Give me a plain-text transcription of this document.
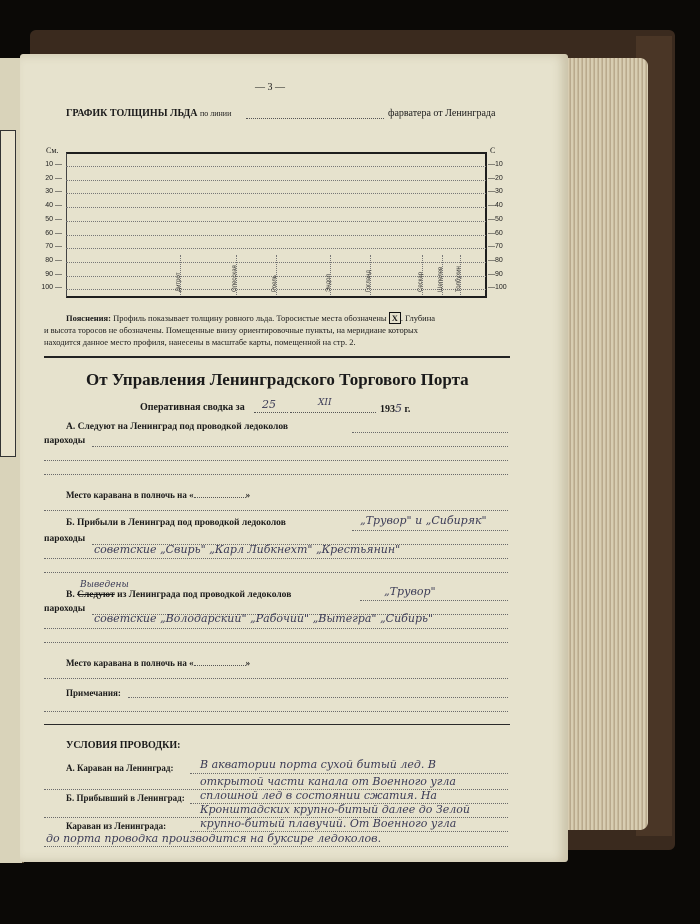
— 3 —
ГРАФИК ТОЛЩИНЫ ЛЬДА по линии	фарватера от Ленинграда
См.	С
10 —
20 —
30 —
40 —
50 —
60 —
70 —
80 —
90 —
100 —
—10
—20
—30
—40
—50
—60
—70
—80
—90
—100
Дитрот	Олесская	Роель	Эндол	Гогланд	Сескар Шепелев Толбухин
Пояснения: Профиль показывает толщину ровного льда. Торосистые места обозначены X . Глубина
и высота торосов не обозначены. Помещенные внизу ориентировочные пункты, на меридиане которых
находится данное место профиля, нанесены в масштабе карты, помещенной на стр. 2.
От Управления Ленинградского Торгового Порта
Оперативная сводка за 25	XII
1935 г.
А. Следуют на Ленинград под проводкой ледоколов
пароходы
Место каравана в полночь на «	»
Б. Прибыли в Ленинград под проводкой ледоколов	„Трувор" и „Сибиряк"
пароходы
советские „Свирь" „Карл Либкнехт" „Крестьянин"
Выведены
В. Следуют из Ленинграда под проводкой ледоколов	„Трувор"
пароходы
советские „Володарский" „Рабочий" „Вытегра" „Сибирь"
Место каравана в полночь на «	»
Примечания:
УСЛОВИЯ ПРОВОДКИ:
А. Караван на Ленинград: В акватории порта сухой битый лед. В
открытой части канала от Военного угла
Б. Прибывший в Ленинград: сплошной лед в состоянии сжатия. На
Кронштадских крупно-битый далее до Зелой
Караван из Ленинграда:	крупно-битый плавучий. От Военного угла
до порта проводка производится на буксире ледоколов.
